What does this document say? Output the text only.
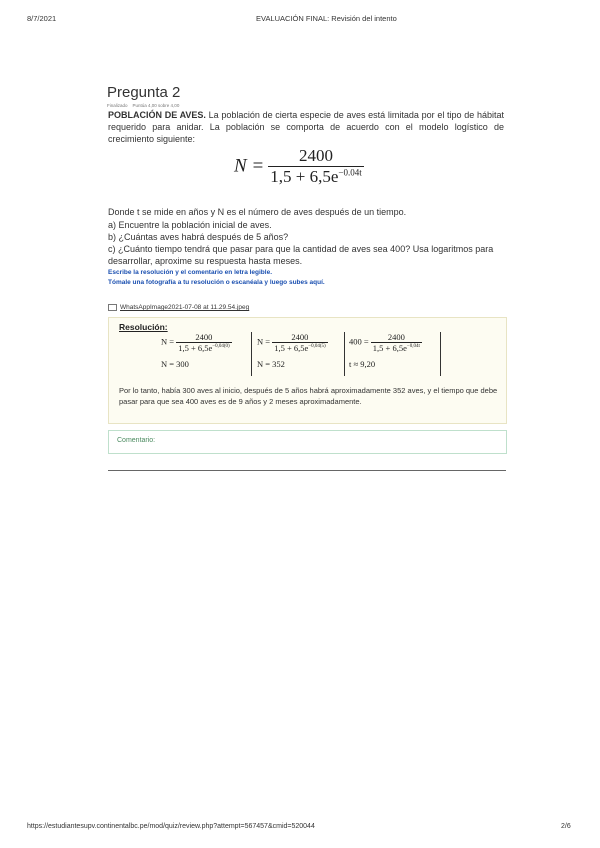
8/7/2021	EVALUACIÓN FINAL: Revisión del intento
Pregunta 2
Finalizado Puntúa 4,00 sobre 4,00
POBLACIÓN DE AVES. La población de cierta especie de aves está limitada por el tipo de hábitat requerido para anidar. La población se comporta de acuerdo con el modelo logístico de crecimiento siguiente:
$N = \frac{2400}{1,5 + 6,5e^{-0.04t}}$
Donde t se mide en años y N es el número de aves después de un tiempo.
a) Encuentre la población inicial de aves.
b) ¿Cuántas aves habrá después de 5 años?
c) ¿Cuánto tiempo tendrá que pasar para que la cantidad de aves sea 400? Usa logaritmos para desarrollar, aproxime su respuesta hasta meses.
Escribe la resolución y el comentario en letra legible.
Tómale una fotografía a tu resolución o escanéala y luego subes aquí.
WhatsAppImage2021-07-08 at 11.29.54.jpeg
Resolución:
$N = \frac{2400}{1,5 + 6,5e^{-0,04(0)}}$
N = 300
$N = \frac{2400}{1,5 + 6,5e^{-0,04(5)}}$
N = 352
$400 = \frac{2400}{1,5 + 6,5e^{-0,04t}}$
t ≈ 9,20
Por lo tanto, había 300 aves al inicio, después de 5 años habrá aproximadamente 352 aves, y el tiempo que debe pasar para que sea 400 aves es de 9 años y 2 meses aproximadamente.
Comentario:
https://estudiantesupv.continentalbc.pe/mod/quiz/review.php?attempt=567457&cmid=520044	2/6
